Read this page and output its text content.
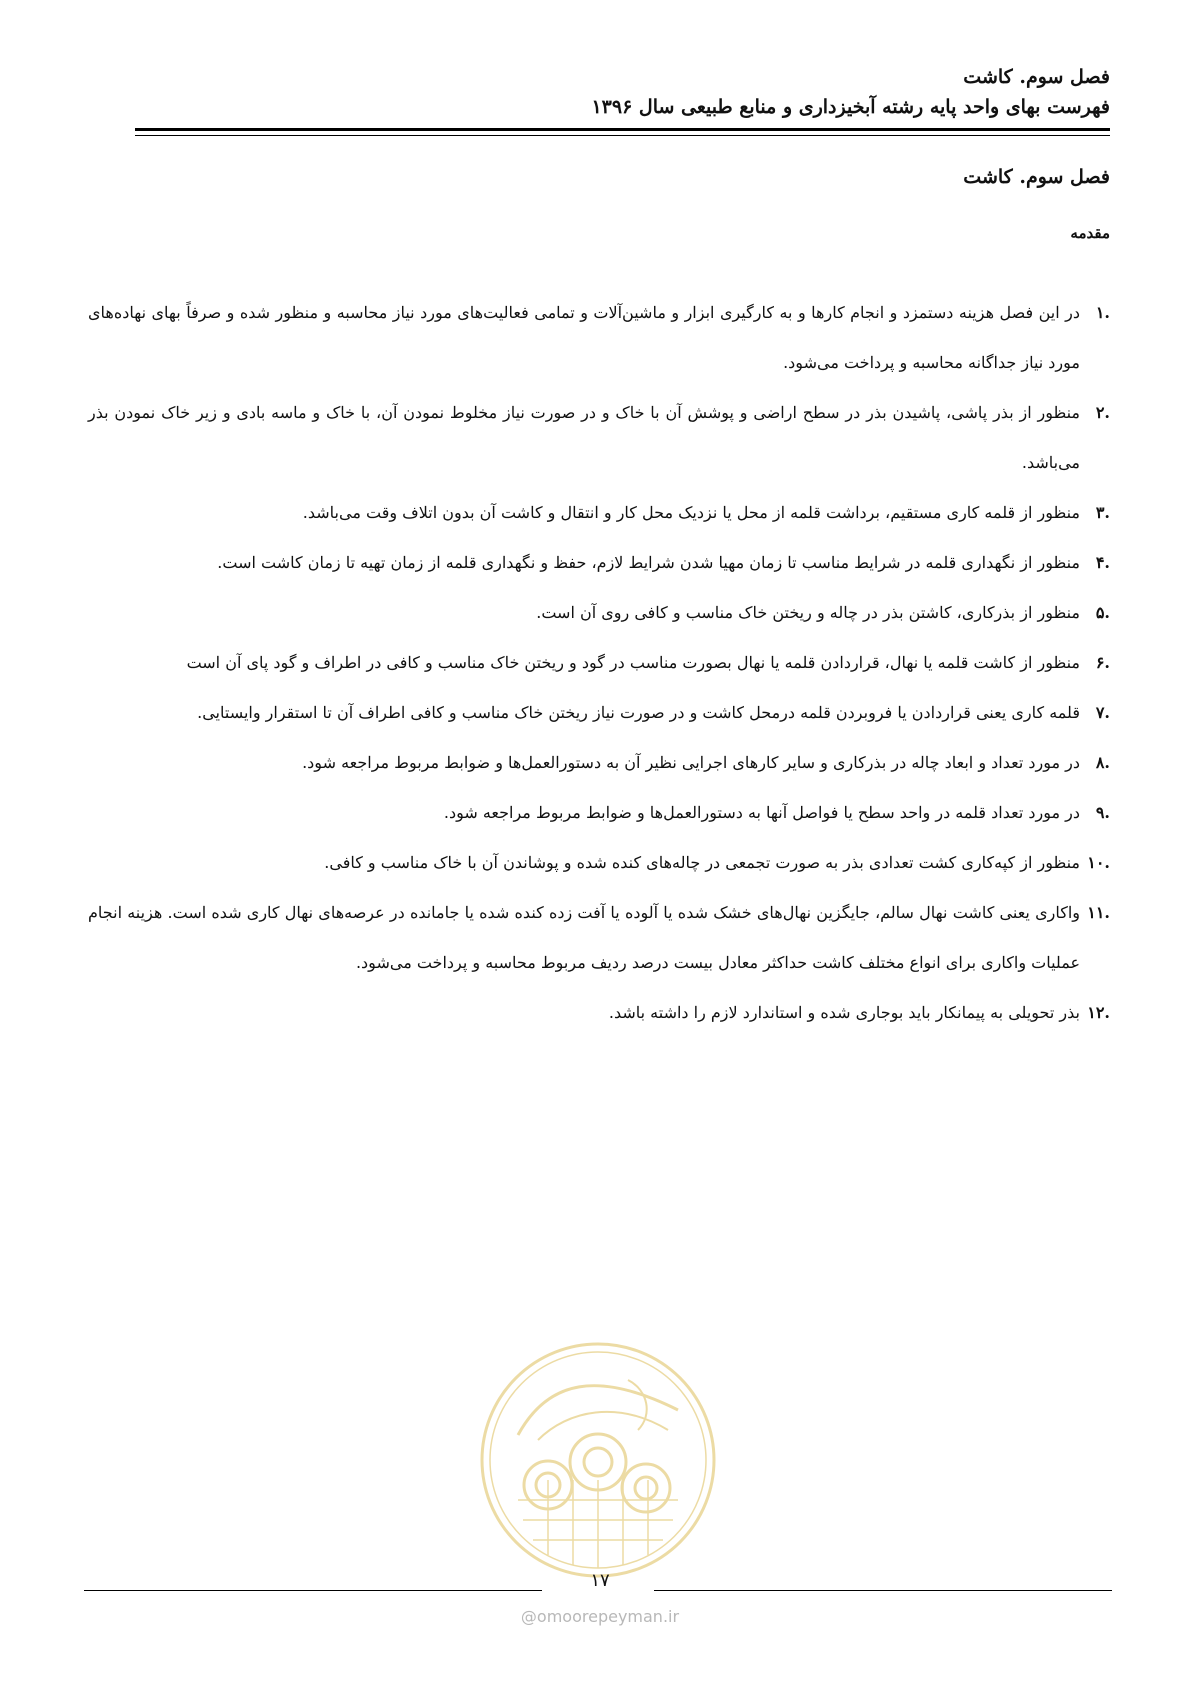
فصل سوم. کاشت
فهرست بهای واحد پایه رشته آبخیزداری و منابع طبیعی سال ۱۳۹۶
فصل سوم. کاشت
مقدمه
.۱
در این فصل هزینه دستمزد و انجام کارها و به کارگیری ابزار و ماشین‌آلات و تمامی فعالیت‌های مورد نیاز محاسبه و منظور شده و صرفاً بهای نهاده‌های مورد نیاز جداگانه محاسبه و پرداخت می‌شود.
.۲
منظور از بذر پاشی، پاشیدن بذر در سطح اراضی و پوشش آن با خاک و در صورت نیاز مخلوط نمودن آن، با خاک و ماسه بادی و زیر خاک نمودن بذر می‌باشد.
.۳
منظور از قلمه کاری مستقیم، برداشت قلمه از محل یا نزدیک محل کار و انتقال و کاشت آن بدون اتلاف وقت می‌باشد.
.۴
منظور از نگهداری قلمه در شرایط مناسب تا زمان مهیا شدن شرایط لازم، حفظ و نگهداری قلمه از زمان تهیه تا زمان کاشت است.
.۵
منظور از بذرکاری، کاشتن بذر در چاله و ریختن خاک مناسب و کافی روی آن است.
.۶
منظور از کاشت قلمه یا نهال، قراردادن قلمه یا نهال بصورت مناسب در گود و ریختن خاک مناسب و کافی در اطراف و گود پای آن است
.۷
قلمه کاری یعنی قراردادن یا فروبردن قلمه درمحل کاشت و در صورت نیاز ریختن خاک مناسب و کافی اطراف آن تا استقرار وایستایی.
.۸
در مورد تعداد و ابعاد چاله در بذرکاری و سایر کارهای اجرایی نظیر آن به دستورالعمل‌ها و ضوابط مربوط مراجعه شود.
.۹
در مورد تعداد قلمه در واحد سطح یا فواصل آنها به دستورالعمل‌ها و ضوابط مربوط مراجعه شود.
.۱۰
منظور از کپه‌کاری کشت تعدادی بذر به صورت تجمعی در چاله‌های کنده شده و پوشاندن آن با خاک مناسب و کافی.
.۱۱
واکاری یعنی کاشت نهال سالم، جایگزین نهال‌های خشک شده یا آلوده یا آفت زده کنده شده یا جامانده در عرصه‌های نهال کاری شده است. هزینه انجام عملیات واکاری برای انواع مختلف کاشت حداکثر معادل بیست درصد ردیف مربوط محاسبه و پرداخت می‌شود.
.۱۲
بذر تحویلی به پیمانکار باید بوجاری شده و استاندارد لازم را داشته باشد.
۱۷
@omoorepeyman.ir
